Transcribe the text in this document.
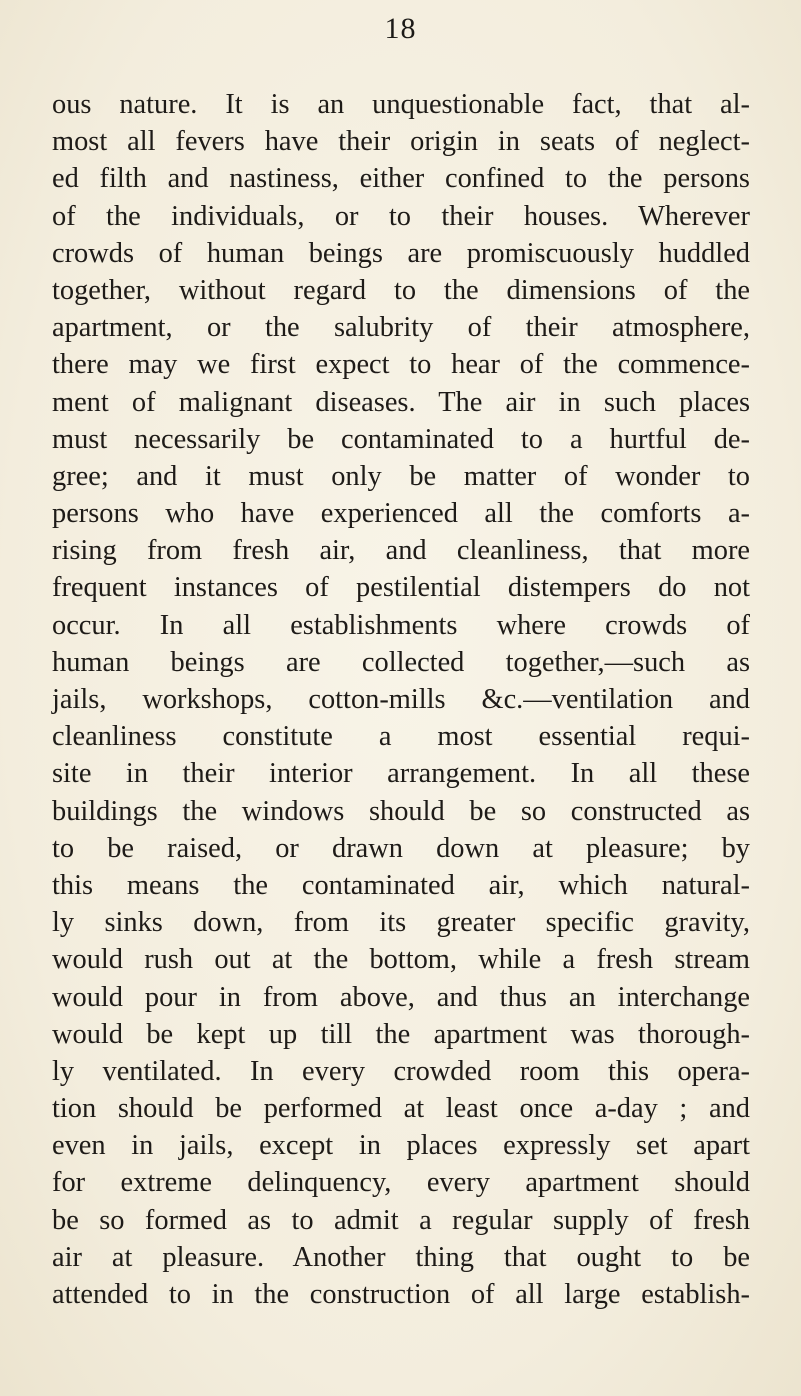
18
ous nature. It is an unquestionable fact, that al-
most all fevers have their origin in seats of neglect-
ed filth and nastiness, either confined to the persons
of the individuals, or to their houses. Wherever
crowds of human beings are promiscuously huddled
together, without regard to the dimensions of the
apartment, or the salubrity of their atmosphere,
there may we first expect to hear of the commence-
ment of malignant diseases. The air in such places
must necessarily be contaminated to a hurtful de-
gree; and it must only be matter of wonder to
persons who have experienced all the comforts a-
rising from fresh air, and cleanliness, that more
frequent instances of pestilential distempers do not
occur. In all establishments where crowds of
human beings are collected together,—such as
jails, workshops, cotton-mills &c.—ventilation and
cleanliness constitute a most essential requi-
site in their interior arrangement. In all these
buildings the windows should be so constructed as
to be raised, or drawn down at pleasure; by
this means the contaminated air, which natural-
ly sinks down, from its greater specific gravity,
would rush out at the bottom, while a fresh stream
would pour in from above, and thus an interchange
would be kept up till the apartment was thorough-
ly ventilated. In every crowded room this opera-
tion should be performed at least once a-day ; and
even in jails, except in places expressly set apart
for extreme delinquency, every apartment should
be so formed as to admit a regular supply of fresh
air at pleasure. Another thing that ought to be
attended to in the construction of all large establish-
